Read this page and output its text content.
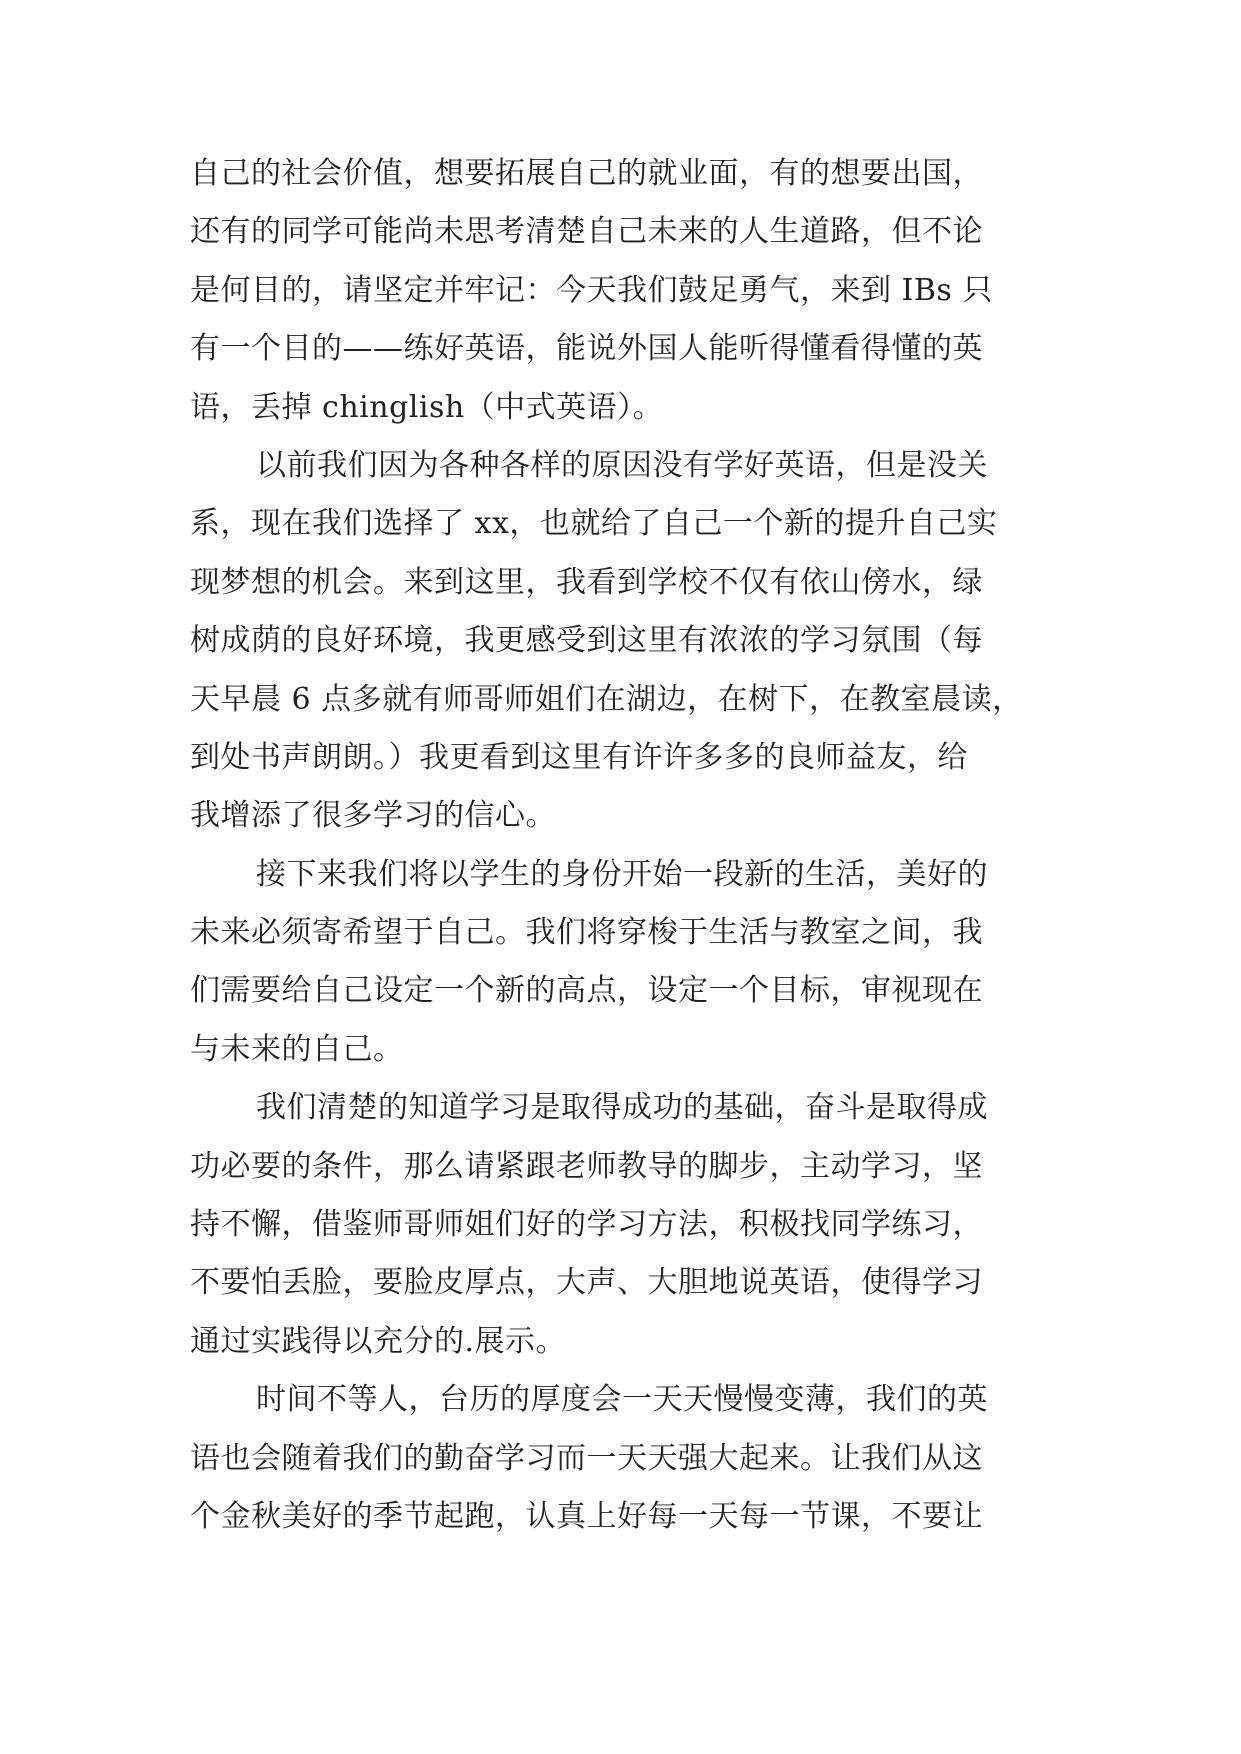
自己的社会价值，想要拓展自己的就业面，有的想要出国，
还有的同学可能尚未思考清楚自己未来的人生道路，但不论
是何目的，请坚定并牢记：今天我们鼓足勇气，来到 IBs 只
有一个目的——练好英语，能说外国人能听得懂看得懂的英
语，丢掉 chinglish（中式英语）。
以前我们因为各种各样的原因没有学好英语，但是没关
系，现在我们选择了 xx，也就给了自己一个新的提升自己实
现梦想的机会。来到这里，我看到学校不仅有依山傍水，绿
树成荫的良好环境，我更感受到这里有浓浓的学习氛围（每
天早晨 6 点多就有师哥师姐们在湖边，在树下，在教室晨读，
到处书声朗朗。）我更看到这里有许许多多的良师益友，给
我增添了很多学习的信心。
接下来我们将以学生的身份开始一段新的生活，美好的
未来必须寄希望于自己。我们将穿梭于生活与教室之间，我
们需要给自己设定一个新的高点，设定一个目标，审视现在
与未来的自己。
我们清楚的知道学习是取得成功的基础，奋斗是取得成
功必要的条件，那么请紧跟老师教导的脚步，主动学习，坚
持不懈，借鉴师哥师姐们好的学习方法，积极找同学练习，
不要怕丢脸，要脸皮厚点，大声、大胆地说英语，使得学习
通过实践得以充分的.展示。
时间不等人，台历的厚度会一天天慢慢变薄，我们的英
语也会随着我们的勤奋学习而一天天强大起来。让我们从这
个金秋美好的季节起跑，认真上好每一天每一节课，不要让
